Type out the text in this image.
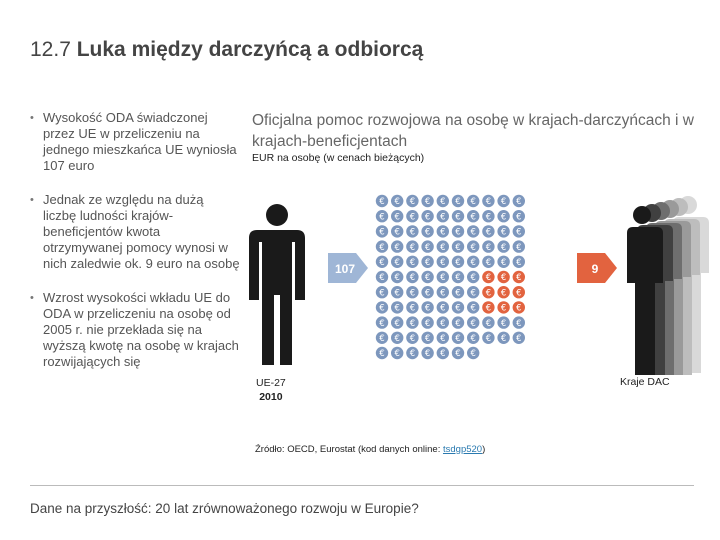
12.7 Luka między darczyńcą a odbiorcą
• Wysokość ODA świadczonej przez UE w przeliczeniu na jednego mieszkańca UE wyniosła 107 euro
• Jednak ze względu na dużą liczbę ludności krajów-beneficjentów kwota otrzymywanej pomocy wynosi w nich zaledwie ok. 9 euro na osobę
• Wzrost wysokości wkładu UE do ODA w przeliczeniu na osobę od 2005 r. nie przekłada się na wyższą kwotę na osobę w krajach rozwijających się
Oficjalna pomoc rozwojowa na osobę w krajach-darczyńcach i w krajach-beneficjentach
EUR na osobę (w cenach bieżących)
107
€ € € € € € € € € €
€ € € € € € € € € €
€ € € € € € € € € €
€ € € € € € € € € €
€ € € € € € € € € €
€ € € € € € € € € €
€ € € € € € € € € €
€ € € € € € € € € €
€ € € € € € € € € €
€ € € € € € € € € €
€ € € € € € €
9
UE-27
2010
Kraje DAC
Źródło: OECD, Eurostat (kod danych online: tsdgp520)
Dane na przyszłość: 20 lat zrównoważonego rozwoju w Europie?
